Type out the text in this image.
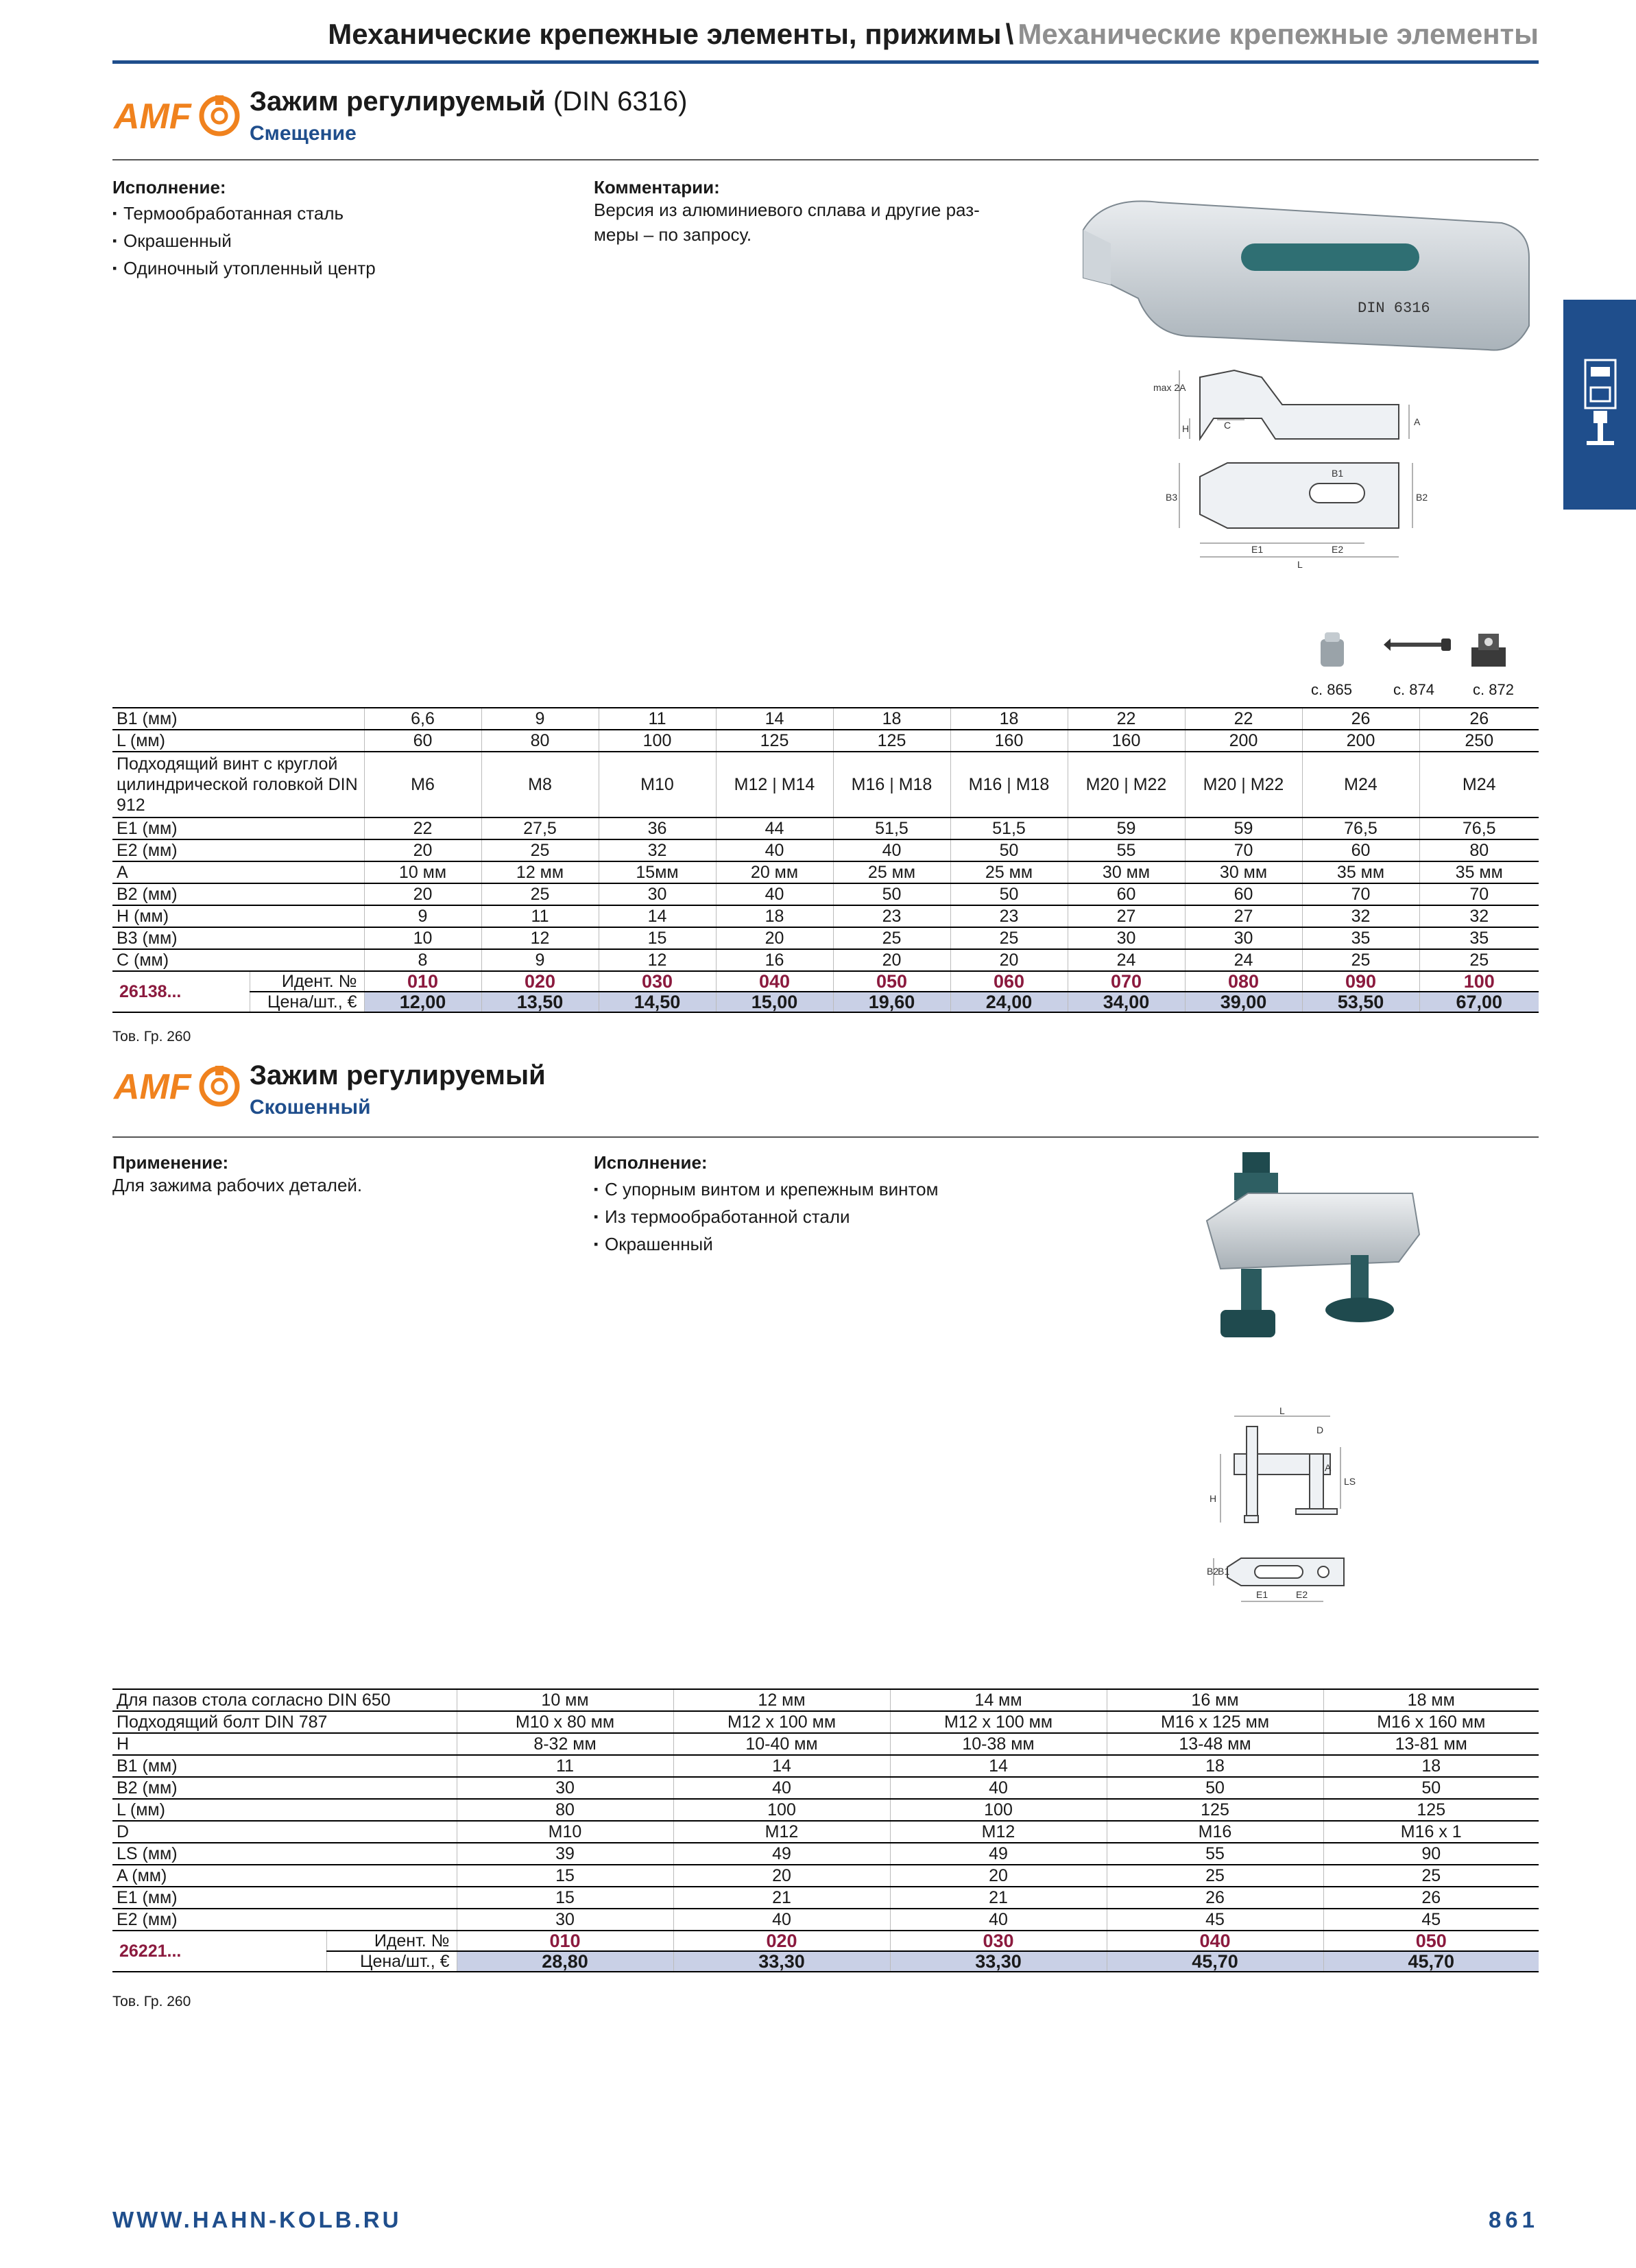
Механические крепежные элементы, прижимы \ Механические крепежные элементы
AMF Зажим регулируемый (DIN 6316)
Смещение
Исполнение:
▪ Термообработанная сталь
▪ Окрашенный
▪ Одиночный утопленный центр
Комментарии:
Версия из алюминиевого сплава и другие раз-
меры – по запросу.
DIN 6316
max 2A
H	C	A
B3	B2
B1
E1	E2
L
с. 865	с. 874	с. 872
B1 (мм)		6,6	9	11	14	18	18	22	22	26	26
L (мм)		60	80	100	125	125	160	160	200	200	250
Подходящий винт с круглой цилиндрической головкой DIN 912		M6	M8	M10	M12 | M14	M16 | M18	M16 | M18	M20 | M22	M20 | M22	M24	M24
E1 (мм)		22	27,5	36	44	51,5	51,5	59	59	76,5	76,5
E2 (мм)		20	25	32	40	40	50	55	70	60	80
A		10 мм	12 мм	15мм	20 мм	25 мм	25 мм	30 мм	30 мм	35 мм	35 мм
B2 (мм)		20	25	30	40	50	50	60	60	70	70
H (мм)		9	11	14	18	23	23	27	27	32	32
B3 (мм)		10	12	15	20	25	25	30	30	35	35
C (мм)		8	9	12	16	20	20	24	24	25	25
26138...	Идент. №	010	020	030	040	050	060	070	080	090	100
	Цена/шт., €	12,00	13,50	14,50	15,00	19,60	24,00	34,00	39,00	53,50	67,00
Тов. Гр. 260
AMF Зажим регулируемый
Скошенный
Применение:
Для зажима рабочих деталей.
Исполнение:
▪ С упорным винтом и крепежным винтом
▪ Из термообработанной стали
▪ Окрашенный
L
D
LS
H
A
B2
B1
E1	E2
Для пазов стола согласно DIN 650		10 мм	12 мм	14 мм	16 мм	18 мм
Подходящий болт DIN 787		M10 x 80 мм	M12 x 100 мм	M12 x 100 мм	M16 x 125 мм	M16 x 160 мм
H		8-32 мм	10-40 мм	10-38 мм	13-48 мм	13-81 мм
B1 (мм)		11	14	14	18	18
B2 (мм)		30	40	40	50	50
L (мм)		80	100	100	125	125
D		M10	M12	M12	M16	M16 x 1
LS (мм)		39	49	49	55	90
A (мм)		15	20	20	25	25
E1 (мм)		15	21	21	26	26
E2 (мм)		30	40	40	45	45
26221...	Идент. №	010	020	030	040	050
	Цена/шт., €	28,80	33,30	33,30	45,70	45,70
Тов. Гр. 260
WWW.HAHN-KOLB.RU	861
